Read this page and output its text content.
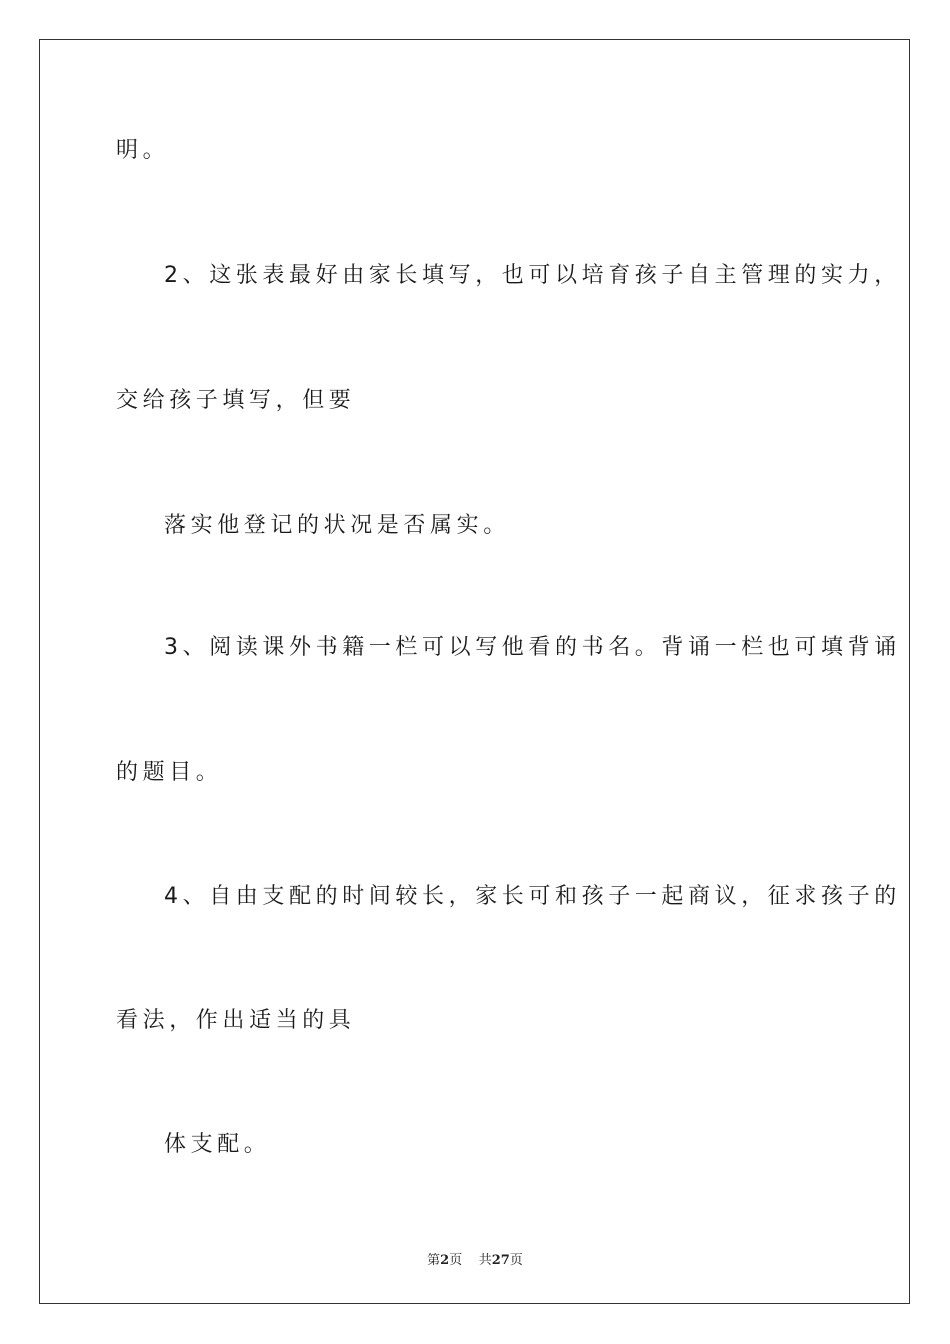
明。
2、这张表最好由家长填写，也可以培育孩子自主管理的实力，
交给孩子填写，但要
落实他登记的状况是否属实。
3、阅读课外书籍一栏可以写他看的书名。背诵一栏也可填背诵
的题目。
4、自由支配的时间较长，家长可和孩子一起商议，征求孩子的
看法，作出适当的具
体支配。
第2页 共27页
